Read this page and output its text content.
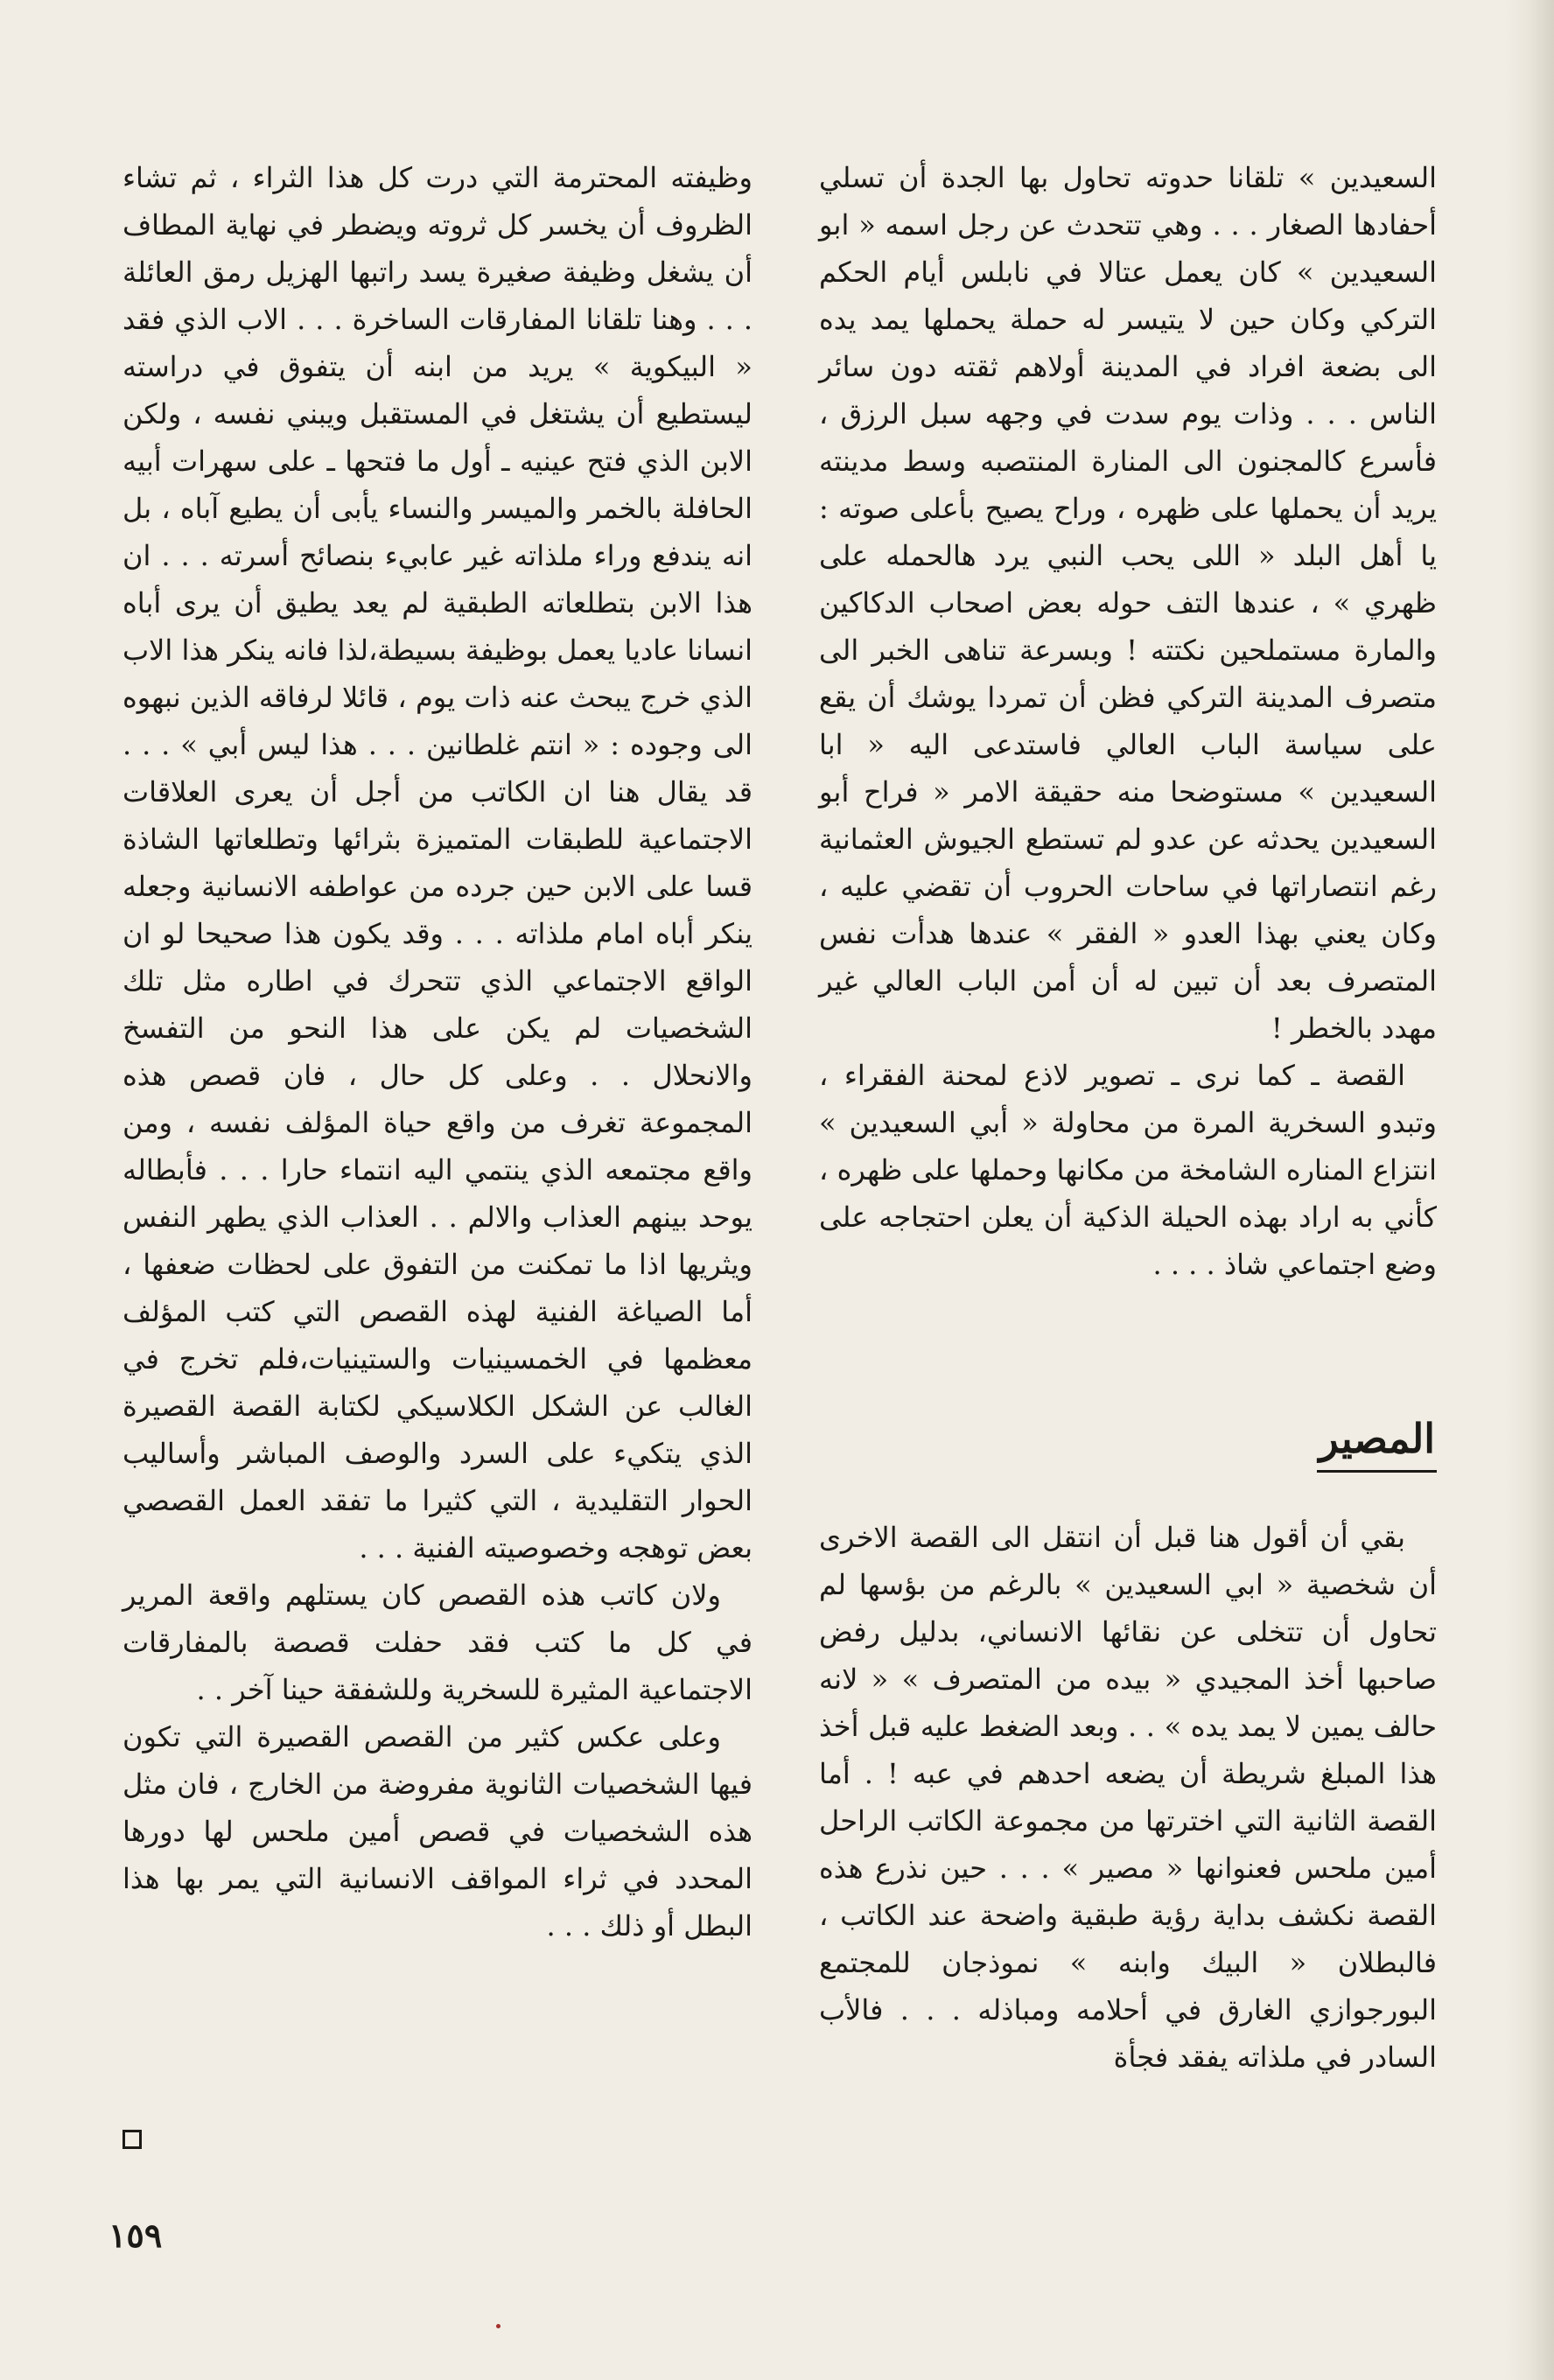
السعيدين » تلقانا حدوته تحاول بها الجدة أن تسلي أحفادها الصغار . . . وهي تتحدث عن رجل اسمه « ابو السعيدين » كان يعمل عتالا في نابلس أيام الحكم التركي وكان حين لا يتيسر له حملة يحملها يمد يده الى بضعة افراد في المدينة أولاهم ثقته دون سائر الناس . . . وذات يوم سدت في وجهه سبل الرزق ، فأسرع كالمجنون الى المنارة المنتصبه وسط مدينته يريد أن يحملها على ظهره ، وراح يصيح بأعلى صوته : يا أهل البلد « اللى يحب النبي يرد هالحمله على ظهري » ، عندها التف حوله بعض اصحاب الدكاكين والمارة مستملحين نكتته ! وبسرعة تناهى الخبر الى متصرف المدينة التركي فظن أن تمردا يوشك أن يقع على سياسة الباب العالي فاستدعى اليه « ابا السعيدين » مستوضحا منه حقيقة الامر « فراح أبو السعيدين يحدثه عن عدو لم تستطع الجيوش العثمانية رغم انتصاراتها في ساحات الحروب أن تقضي عليه ، وكان يعني بهذا العدو « الفقر » عندها هدأت نفس المتصرف بعد أن تبين له أن أمن الباب العالي غير مهدد بالخطر !

القصة ـ كما نرى ـ تصوير لاذع لمحنة الفقراء ، وتبدو السخرية المرة من محاولة « أبي السعيدين » انتزاع المناره الشامخة من مكانها وحملها على ظهره ، كأني به اراد بهذه الحيلة الذكية أن يعلن احتجاجه على وضع اجتماعي شاذ . . . .

المصير

بقي أن أقول هنا قبل أن انتقل الى القصة الاخرى أن شخصية « ابي السعيدين » بالرغم من بؤسها لم تحاول أن تتخلى عن نقائها الانساني، بدليل رفض صاحبها أخذ المجيدي « بيده من المتصرف » « لانه حالف يمين لا يمد يده » . . وبعد الضغط عليه قبل أخذ هذا المبلغ شريطة أن يضعه احدهم في عبه ! . أما القصة الثانية التي اخترتها من مجموعة الكاتب الراحل أمين ملحس فعنوانها « مصير » . . . حين نذرع هذه القصة نكشف بداية رؤية طبقية واضحة عند الكاتب ، فالبطلان « البيك وابنه » نموذجان للمجتمع البورجوازي الغارق في أحلامه ومباذله . . . فالأب السادر في ملذاته يفقد فجأة

وظيفته المحترمة التي درت كل هذا الثراء ، ثم تشاء الظروف أن يخسر كل ثروته ويضطر في نهاية المطاف أن يشغل وظيفة صغيرة يسد راتبها الهزيل رمق العائلة . . . وهنا تلقانا المفارقات الساخرة . . . الاب الذي فقد « البيكوية » يريد من ابنه أن يتفوق في دراسته ليستطيع أن يشتغل في المستقبل ويبني نفسه ، ولكن الابن الذي فتح عينيه ـ أول ما فتحها ـ على سهرات أبيه الحافلة بالخمر والميسر والنساء يأبى أن يطيع آباه ، بل انه يندفع وراء ملذاته غير عابيء بنصائح أسرته . . . ان هذا الابن بتطلعاته الطبقية لم يعد يطيق أن يرى أباه انسانا عاديا يعمل بوظيفة بسيطة،لذا فانه ينكر هذا الاب الذي خرج يبحث عنه ذات يوم ، قائلا لرفاقه الذين نبهوه الى وجوده : « انتم غلطانين . . . هذا ليس أبي » . . . قد يقال هنا ان الكاتب من أجل أن يعرى العلاقات الاجتماعية للطبقات المتميزة بثرائها وتطلعاتها الشاذة قسا على الابن حين جرده من عواطفه الانسانية وجعله ينكر أباه امام ملذاته . . . وقد يكون هذا صحيحا لو ان الواقع الاجتماعي الذي تتحرك في اطاره مثل تلك الشخصيات لم يكن على هذا النحو من التفسخ والانحلال . . وعلى كل حال ، فان قصص هذه المجموعة تغرف من واقع حياة المؤلف نفسه ، ومن واقع مجتمعه الذي ينتمي اليه انتماء حارا . . . فأبطاله يوحد بينهم العذاب والالم . . العذاب الذي يطهر النفس ويثريها اذا ما تمكنت من التفوق على لحظات ضعفها ، أما الصياغة الفنية لهذه القصص التي كتب المؤلف معظمها في الخمسينيات والستينيات،فلم تخرج في الغالب عن الشكل الكلاسيكي لكتابة القصة القصيرة الذي يتكيء على السرد والوصف المباشر وأساليب الحوار التقليدية ، التي كثيرا ما تفقد العمل القصصي بعض توهجه وخصوصيته الفنية . . .

ولان كاتب هذه القصص كان يستلهم واقعة المرير في كل ما كتب فقد حفلت قصصة بالمفارقات الاجتماعية المثيرة للسخرية وللشفقة حينا آخر . .

وعلى عكس كثير من القصص القصيرة التي تكون فيها الشخصيات الثانوية مفروضة من الخارج ، فان مثل هذه الشخصيات في قصص أمين ملحس لها دورها المحدد في ثراء المواقف الانسانية التي يمر بها هذا البطل أو ذلك . . .

١٥٩
